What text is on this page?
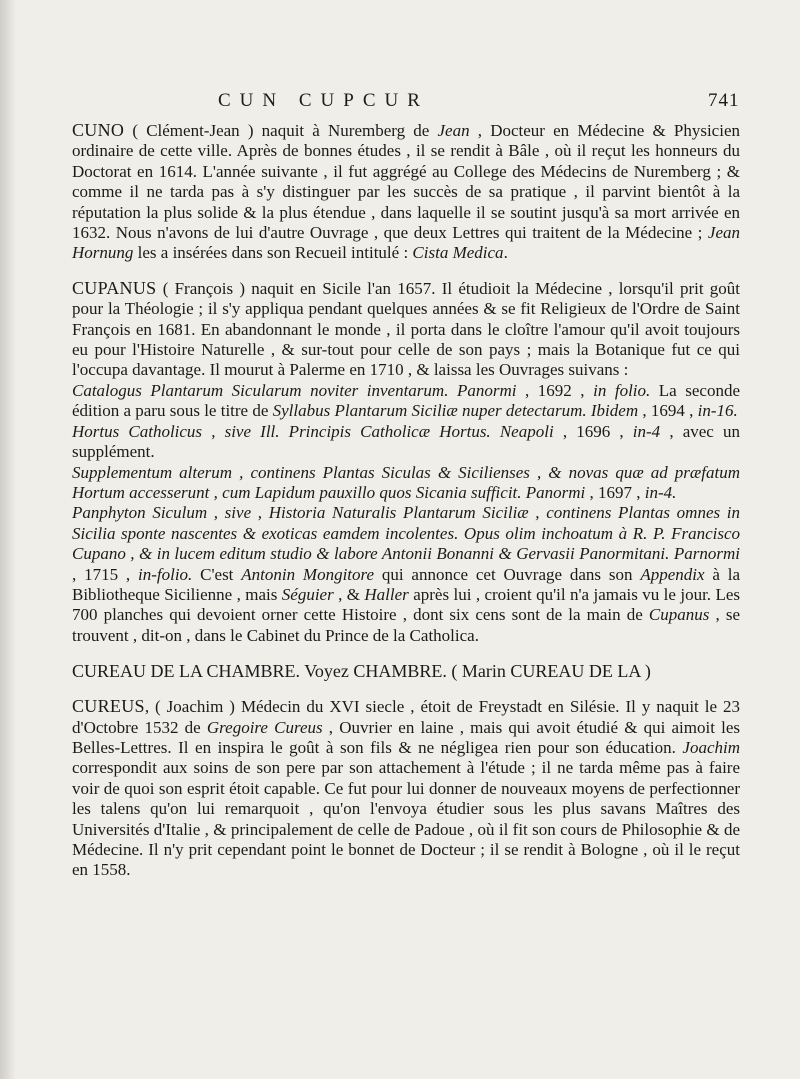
CUN CUPCUR	741

CUNO ( Clément-Jean ) naquit à Nuremberg de Jean , Docteur en Médecine & Physicien ordinaire de cette ville. Après de bonnes études , il se rendit à Bâle , où il reçut les honneurs du Doctorat en 1614. L'année suivante , il fut aggrégé au College des Médecins de Nuremberg ; & comme il ne tarda pas à s'y distinguer par les succès de sa pratique , il parvint bientôt à la réputation la plus solide & la plus étendue , dans laquelle il se soutint jusqu'à sa mort arrivée en 1632. Nous n'avons de lui d'autre Ouvrage , que deux Lettres qui traitent de la Médecine ; Jean Hornung les a insérées dans son Recueil intitulé : Cista Medica.

CUPANUS ( François ) naquit en Sicile l'an 1657. Il étudioit la Médecine , lorsqu'il prit goût pour la Théologie ; il s'y appliqua pendant quelques années & se fit Religieux de l'Ordre de Saint François en 1681. En abandonnant le monde , il porta dans le cloître l'amour qu'il avoit toujours eu pour l'Histoire Naturelle , & sur-tout pour celle de son pays ; mais la Botanique fut ce qui l'occupa davantage. Il mourut à Palerme en 1710 , & laissa les Ouvrages suivans :

Catalogus Plantarum Sicularum noviter inventarum. Panormi , 1692 , in folio. La seconde édition a paru sous le titre de Syllabus Plantarum Siciliæ nuper detectarum. Ibidem , 1694 , in-16.

Hortus Catholicus , sive Ill. Principis Catholicæ Hortus. Neapoli , 1696 , in-4 , avec un supplément.

Supplementum alterum , continens Plantas Siculas & Sicilienses , & novas quæ ad præfatum Hortum accesserunt , cum Lapidum pauxillo quos Sicania sufficit. Panormi , 1697 , in-4.

Panphyton Siculum , sive , Historia Naturalis Plantarum Siciliæ , continens Plantas omnes in Sicilia sponte nascentes & exoticas eamdem incolentes. Opus olim inchoatum à R. P. Francisco Cupano , & in lucem editum studio & labore Antonii Bonanni & Gervasii Panormitani. Parnormi , 1715 , in-folio. C'est Antonin Mongitore qui annonce cet Ouvrage dans son Appendix à la Bibliotheque Sicilienne , mais Séguier , & Haller après lui , croient qu'il n'a jamais vu le jour. Les 700 planches qui devoient orner cette Histoire , dont six cens sont de la main de Cupanus , se trouvent , dit-on , dans le Cabinet du Prince de la Catholica.

CUREAU DE LA CHAMBRE. Voyez CHAMBRE. ( Marin CUREAU DE LA )

CUREUS, ( Joachim ) Médecin du XVI siecle , étoit de Freystadt en Silésie. Il y naquit le 23 d'Octobre 1532 de Gregoire Cureus , Ouvrier en laine , mais qui avoit étudié & qui aimoit les Belles-Lettres. Il en inspira le goût à son fils & ne négligea rien pour son éducation. Joachim correspondit aux soins de son pere par son attachement à l'étude ; il ne tarda même pas à faire voir de quoi son esprit étoit capable. Ce fut pour lui donner de nouveaux moyens de perfectionner les talens qu'on lui remarquoit , qu'on l'envoya étudier sous les plus savans Maîtres des Universités d'Italie , & principalement de celle de Padoue , où il fit son cours de Philosophie & de Médecine. Il n'y prit cependant point le bonnet de Docteur ; il se rendit à Bologne , où il le reçut en 1558.
